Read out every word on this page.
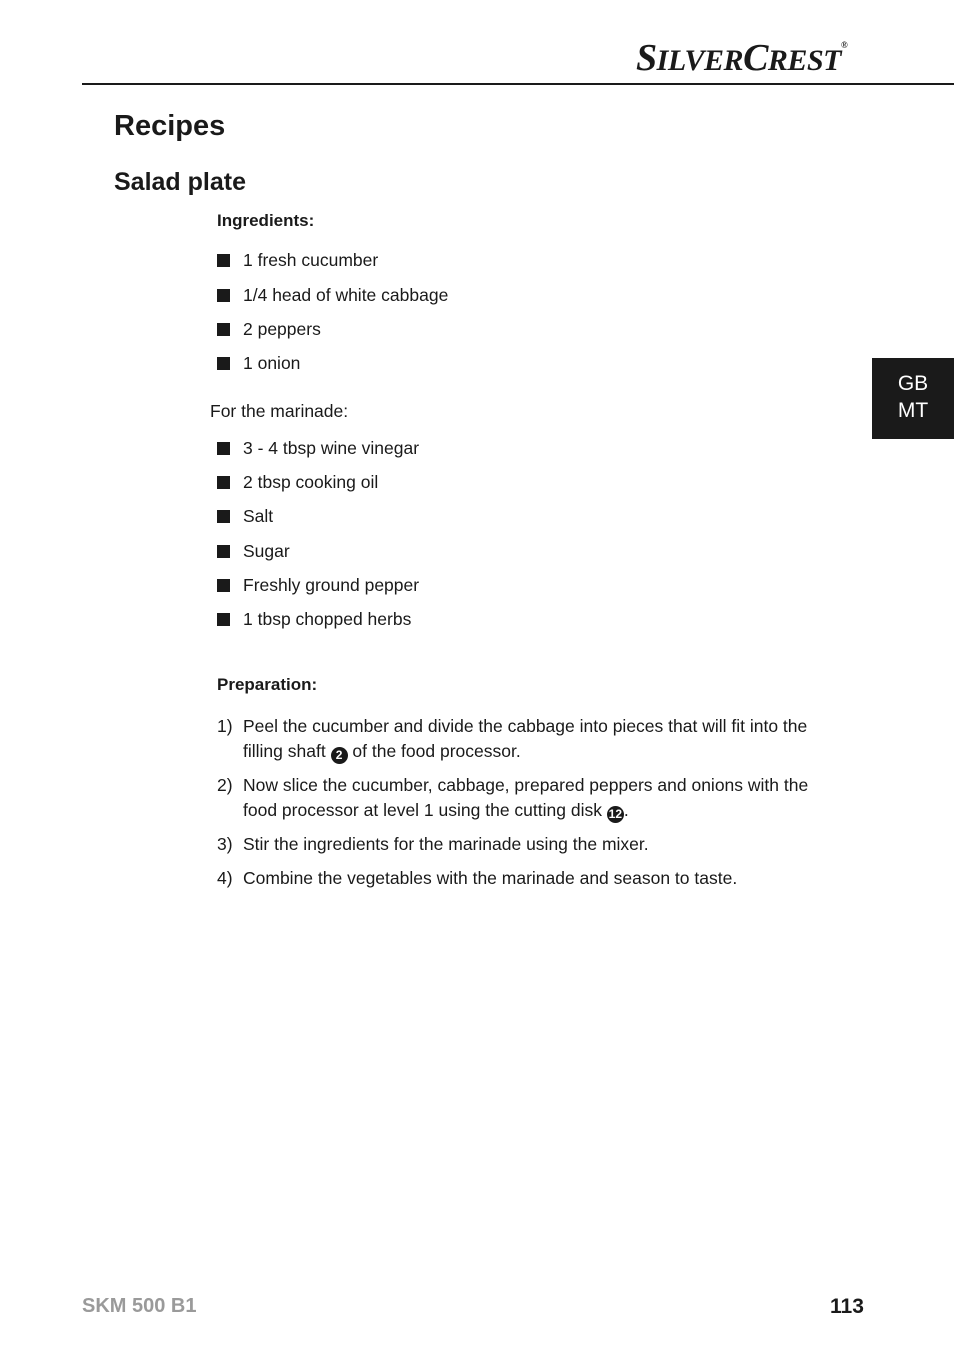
SILVERCREST®
Recipes
Salad plate
Ingredients:
1 fresh cucumber
1/4 head of white cabbage
2 peppers
1 onion
For the marinade:
3 - 4 tbsp wine vinegar
2 tbsp cooking oil
Salt
Sugar
Freshly ground pepper
1 tbsp chopped herbs
Preparation:
1) Peel the cucumber and divide the cabbage into pieces that will fit into the filling shaft 2 of the food processor.
2) Now slice the cucumber, cabbage, prepared peppers and onions with the food processor at level 1 using the cutting disk 12 .
3) Stir the ingredients for the marinade using the mixer.
4) Combine the vegetables with the marinade and season to taste.
GB
MT
SKM 500 B1	113
